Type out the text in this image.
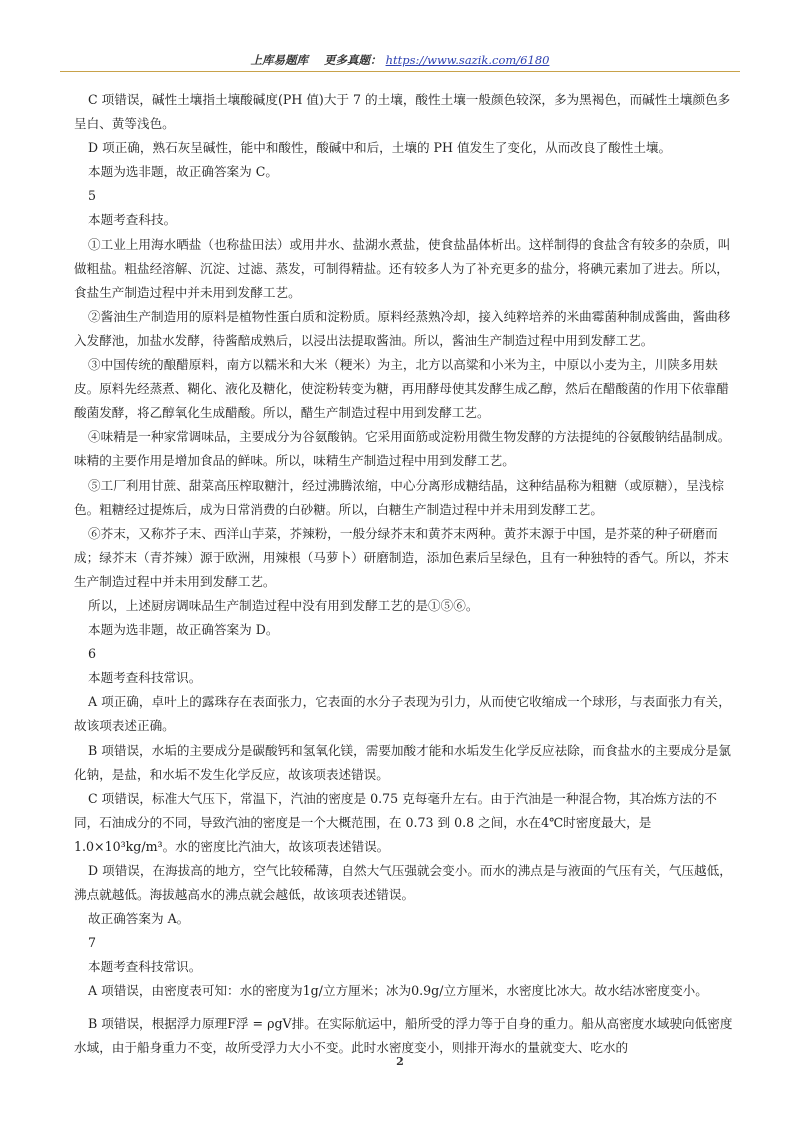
上库易题库 更多真题： https://www.sazik.com/6180

C 项错误，碱性土壤指土壤酸碱度(PH 值)大于 7 的土壤，酸性土壤一般颜色较深，多为黑褐色，而碱性土壤颜色多呈白、黄等浅色。

D 项正确，熟石灰呈碱性，能中和酸性，酸碱中和后，土壤的 PH 值发生了变化，从而改良了酸性土壤。

本题为选非题，故正确答案为 C。

5

本题考查科技。

①工业上用海水晒盐（也称盐田法）或用井水、盐湖水煮盐，使食盐晶体析出。这样制得的食盐含有较多的杂质，叫做粗盐。粗盐经溶解、沉淀、过滤、蒸发，可制得精盐。还有较多人为了补充更多的盐分，将碘元素加了进去。所以，食盐生产制造过程中并未用到发酵工艺。

②酱油生产制造用的原料是植物性蛋白质和淀粉质。原料经蒸熟冷却，接入纯粹培养的米曲霉菌种制成酱曲，酱曲移入发酵池，加盐水发酵，待酱醅成熟后，以浸出法提取酱油。所以，酱油生产制造过程中用到发酵工艺。

③中国传统的酿醋原料，南方以糯米和大米（粳米）为主，北方以高粱和小米为主，中原以小麦为主，川陕多用麸皮。原料先经蒸煮、糊化、液化及糖化，使淀粉转变为糖，再用酵母使其发酵生成乙醇，然后在醋酸菌的作用下依靠醋酸菌发酵，将乙醇氧化生成醋酸。所以，醋生产制造过程中用到发酵工艺。

④味精是一种家常调味品，主要成分为谷氨酸钠。它采用面筋或淀粉用微生物发酵的方法提纯的谷氨酸钠结晶制成。味精的主要作用是增加食品的鲜味。所以，味精生产制造过程中用到发酵工艺。

⑤工厂利用甘蔗、甜菜高压榨取糖汁，经过沸腾浓缩，中心分离形成糖结晶，这种结晶称为粗糖（或原糖），呈浅棕色。粗糖经过提炼后，成为日常消费的白砂糖。所以，白糖生产制造过程中并未用到发酵工艺。

⑥芥末，又称芥子末、西洋山芋菜，芥辣粉，一般分绿芥末和黄芥末两种。黄芥末源于中国，是芥菜的种子研磨而成；绿芥末（青芥辣）源于欧洲，用辣根（马萝卜）研磨制造，添加色素后呈绿色，且有一种独特的香气。所以，芥末生产制造过程中并未用到发酵工艺。

所以，上述厨房调味品生产制造过程中没有用到发酵工艺的是①⑤⑥。

本题为选非题，故正确答案为 D。

6

本题考查科技常识。

A 项正确，卓叶上的露珠存在表面张力，它表面的水分子表现为引力，从而使它收缩成一个球形，与表面张力有关，故该项表述正确。

B 项错误，水垢的主要成分是碳酸钙和氢氧化镁，需要加酸才能和水垢发生化学反应祛除，而食盐水的主要成分是氯化钠，是盐，和水垢不发生化学反应，故该项表述错误。

C 项错误，标准大气压下，常温下，汽油的密度是 0.75 克每毫升左右。由于汽油是一种混合物，其冶炼方法的不同，石油成分的不同，导致汽油的密度是一个大概范围，在 0.73 到 0.8 之间，水在4℃时密度最大，是1.0×10³kg/m³。水的密度比汽油大，故该项表述错误。

D 项错误，在海拔高的地方，空气比较稀薄，自然大气压强就会变小。而水的沸点是与液面的气压有关，气压越低，沸点就越低。海拔越高水的沸点就会越低，故该项表述错误。

故正确答案为 A。

7

本题考查科技常识。

A 项错误，由密度表可知：水的密度为1g/立方厘米；冰为0.9g/立方厘米，水密度比冰大。故水结冰密度变小。

B 项错误，根据浮力原理F浮 = ρgV排。在实际航运中，船所受的浮力等于自身的重力。船从高密度水域驶向低密度水域，由于船身重力不变，故所受浮力大小不变。此时水密度变小，则排开海水的量就变大、吃水的

2
